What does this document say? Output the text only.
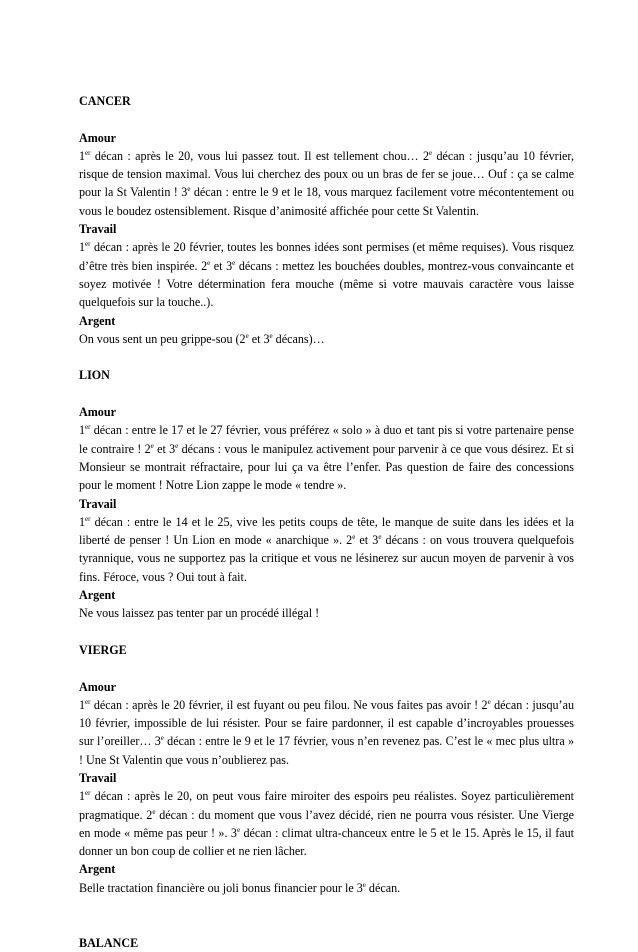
CANCER

Amour

1er décan : après le 20, vous lui passez tout. Il est tellement chou… 2e décan : jusqu’au 10 février, risque de tension maximal. Vous lui cherchez des poux ou un bras de fer se joue… Ouf : ça se calme pour la St Valentin ! 3e décan : entre le 9 et le 18, vous marquez facilement votre mécontentement ou vous le boudez ostensiblement. Risque d’animosité affichée pour cette St Valentin.

Travail

1er décan : après le 20 février, toutes les bonnes idées sont permises (et même requises). Vous risquez d’être très bien inspirée. 2e et 3e décans : mettez les bouchées doubles, montrez-vous convaincante et soyez motivée ! Votre détermination fera mouche (même si votre mauvais caractère vous laisse quelquefois sur la touche..).

Argent

On vous sent un peu grippe-sou (2e et 3e décans)…

LION

Amour

1er décan : entre le 17 et le 27 février, vous préférez « solo » à duo et tant pis si votre partenaire pense le contraire ! 2e et 3e décans : vous le manipulez activement pour parvenir à ce que vous désirez. Et si Monsieur se montrait réfractaire, pour lui ça va être l’enfer. Pas question de faire des concessions pour le moment ! Notre Lion zappe le mode « tendre ».

Travail

1er décan : entre le 14 et le 25, vive les petits coups de tête, le manque de suite dans les idées et la liberté de penser ! Un Lion en mode « anarchique ». 2e et 3e décans : on vous trouvera quelquefois tyrannique, vous ne supportez pas la critique et vous ne lésinerez sur aucun moyen de parvenir à vos fins. Féroce, vous ? Oui tout à fait.

Argent

Ne vous laissez pas tenter par un procédé illégal !

VIERGE

Amour

1er décan : après le 20 février, il est fuyant ou peu filou. Ne vous faites pas avoir ! 2e décan : jusqu’au 10 février, impossible de lui résister. Pour se faire pardonner, il est capable d’incroyables prouesses sur l’oreiller… 3e décan : entre le 9 et le 17 février, vous n’en revenez pas. C’est le « mec plus ultra » ! Une St Valentin que vous n’oublierez pas.

Travail

1er décan : après le 20, on peut vous faire miroiter des espoirs peu réalistes. Soyez particulièrement pragmatique. 2e décan : du moment que vous l’avez décidé, rien ne pourra vous résister. Une Vierge en mode « même pas peur ! ». 3e décan : climat ultra-chanceux entre le 5 et le 15. Après le 15, il faut donner un bon coup de collier et ne rien lâcher.

Argent

Belle tractation financière ou joli bonus financier pour le 3e décan.

BALANCE
